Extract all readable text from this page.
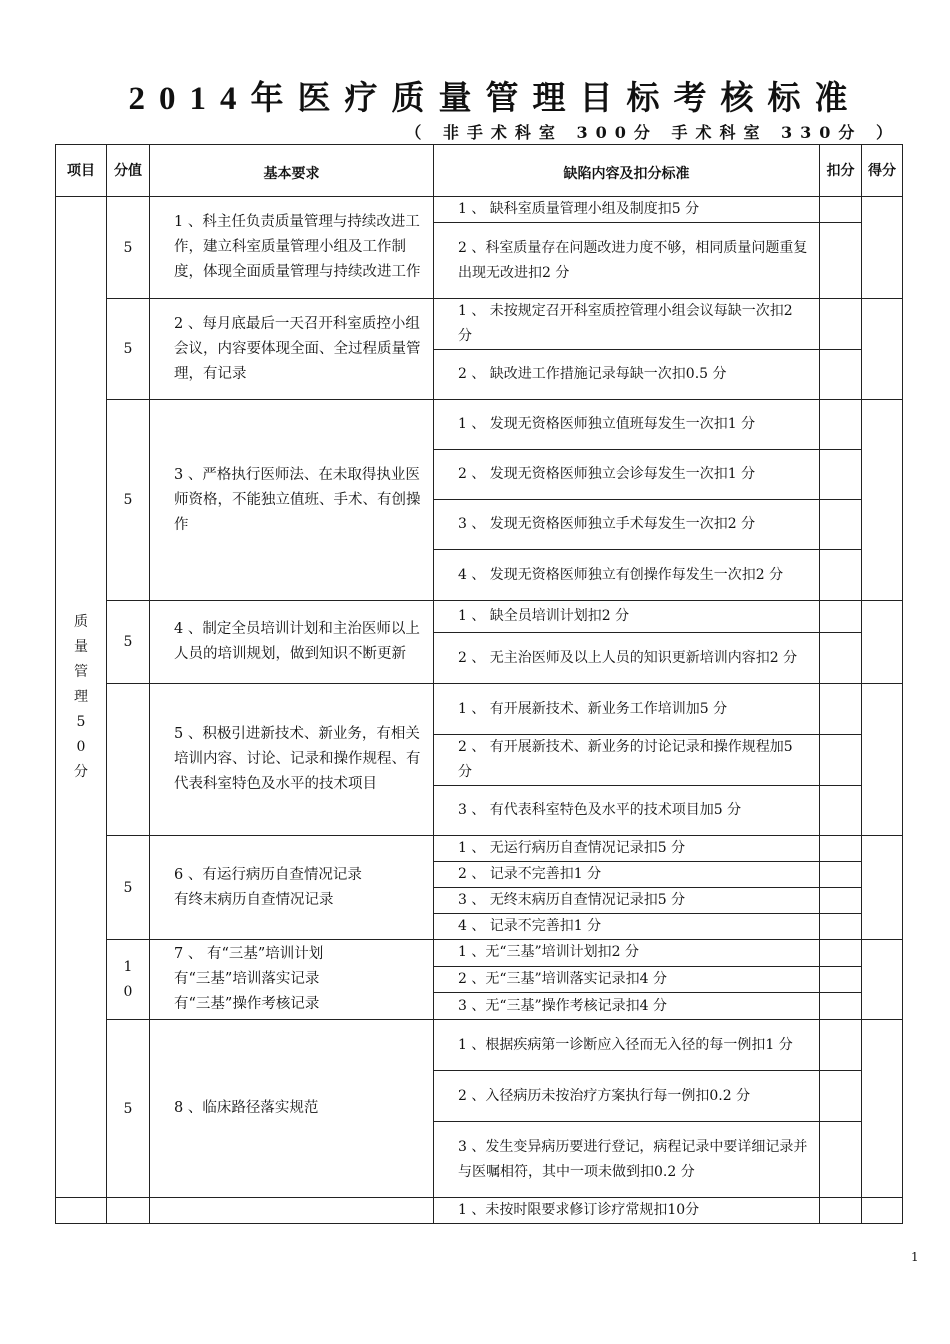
2014年医疗质量管理目标考核标准
（ 非手术科室 300分 手术科室 330分 ）
项目	分值	基本要求	缺陷内容及扣分标准	扣分	得分
质量管理50分	5	1 、科主任负责质量管理与持续改进工作，建立科室质量管理小组及工作制度，体现全面质量管理与持续改进工作	1 、 缺科室质量管理小组及制度扣5 分		
			2 、科室质量存在问题改进力度不够，相同质量问题重复出现无改进扣2 分		
	5	2 、每月底最后一天召开科室质控小组会议，内容要体现全面、全过程质量管理，有记录	1 、 未按规定召开科室质控管理小组会议每缺一次扣2 分		
			2 、 缺改进工作措施记录每缺一次扣0.5 分		
	5	3 、严格执行医师法、在未取得执业医师资格，不能独立值班、手术、有创操作	1 、 发现无资格医师独立值班每发生一次扣1 分		
			2 、 发现无资格医师独立会诊每发生一次扣1 分		
			3 、 发现无资格医师独立手术每发生一次扣2 分		
			4 、 发现无资格医师独立有创操作每发生一次扣2 分		
	5	4 、制定全员培训计划和主治医师以上人员的培训规划，做到知识不断更新	1 、 缺全员培训计划扣2 分		
			2 、 无主治医师及以上人员的知识更新培训内容扣2 分		
		5 、积极引进新技术、新业务，有相关培训内容、讨论、记录和操作规程、有代表科室特色及水平的技术项目	1 、 有开展新技术、新业务工作培训加5 分		
			2 、 有开展新技术、新业务的讨论记录和操作规程加5 分		
			3 、 有代表科室特色及水平的技术项目加5 分		
	5	6 、有运行病历自查情况记录
有终末病历自查情况记录	1 、 无运行病历自查情况记录扣5 分		
			2 、 记录不完善扣1 分		
			3 、 无终末病历自查情况记录扣5 分		
			4 、 记录不完善扣1 分		
	10	7 、 有“三基”培训计划
有“三基”培训落实记录
有“三基”操作考核记录	1 、无“三基”培训计划扣2 分		
			2 、无“三基”培训落实记录扣4 分		
			3 、无“三基”操作考核记录扣4 分		
	5	8 、临床路径落实规范	1 、根据疾病第一诊断应入径而无入径的每一例扣1 分		
			2 、入径病历未按治疗方案执行每一例扣0.2 分		
			3 、发生变异病历要进行登记，病程记录中要详细记录并与医嘱相符，其中一项未做到扣0.2 分		
			1 、未按时限要求修订诊疗常规扣10分		
1
